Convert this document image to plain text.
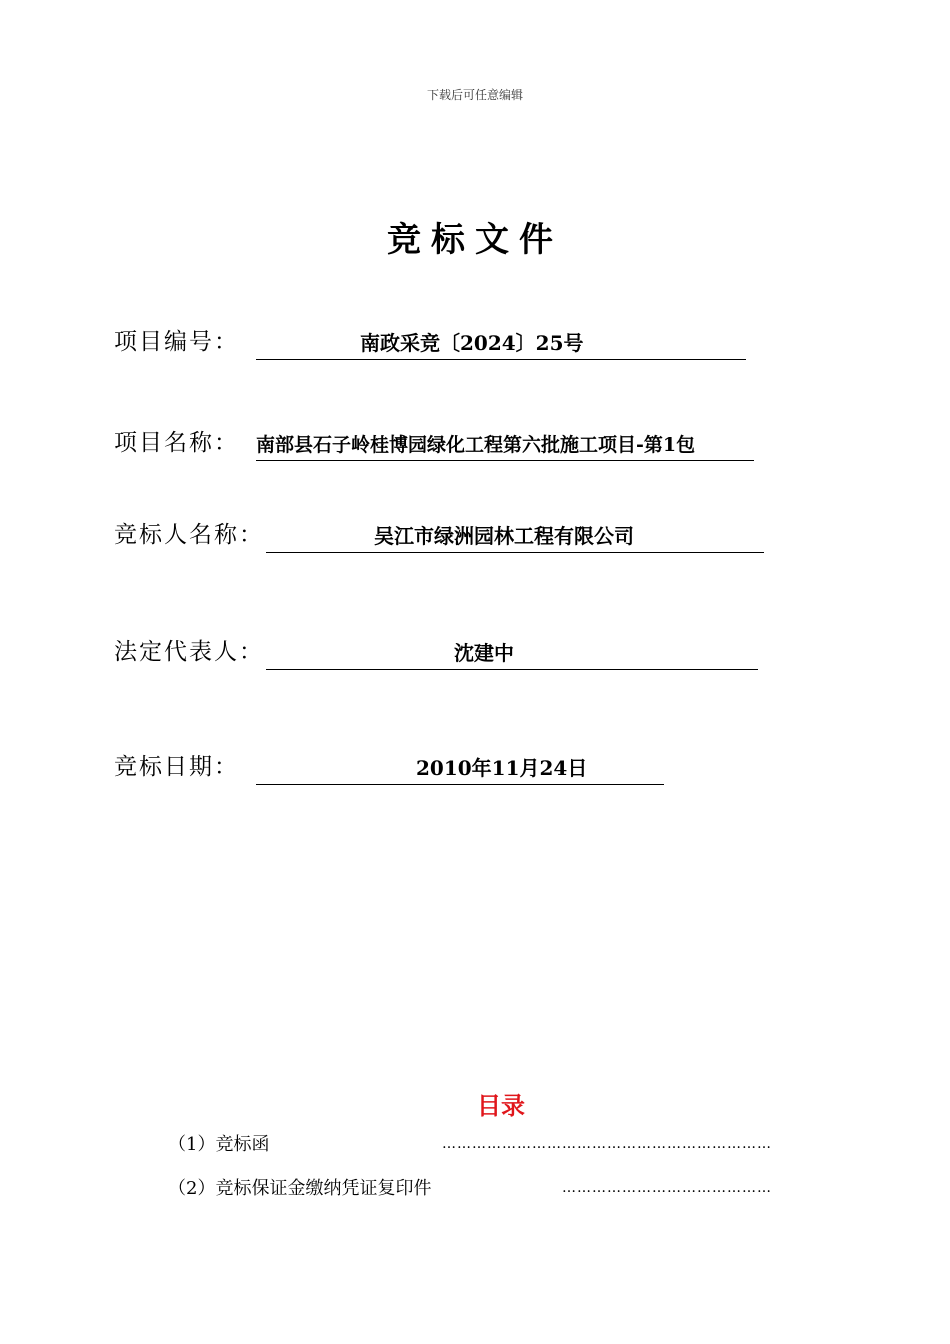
下载后可任意编辑
竞标文件
项目编号：	南政采竞〔2024〕25号
项目名称： 南部县石子岭桂博园绿化工程第六批施工项目-第1包
竞标人名称：	吴江市绿洲园林工程有限公司
法定代表人：	沈建中
竞标日期：	2010年11月24日
目录
（1）竞标函	…………………………………………………………
（2）竞标保证金缴纳凭证复印件	……………………………………
